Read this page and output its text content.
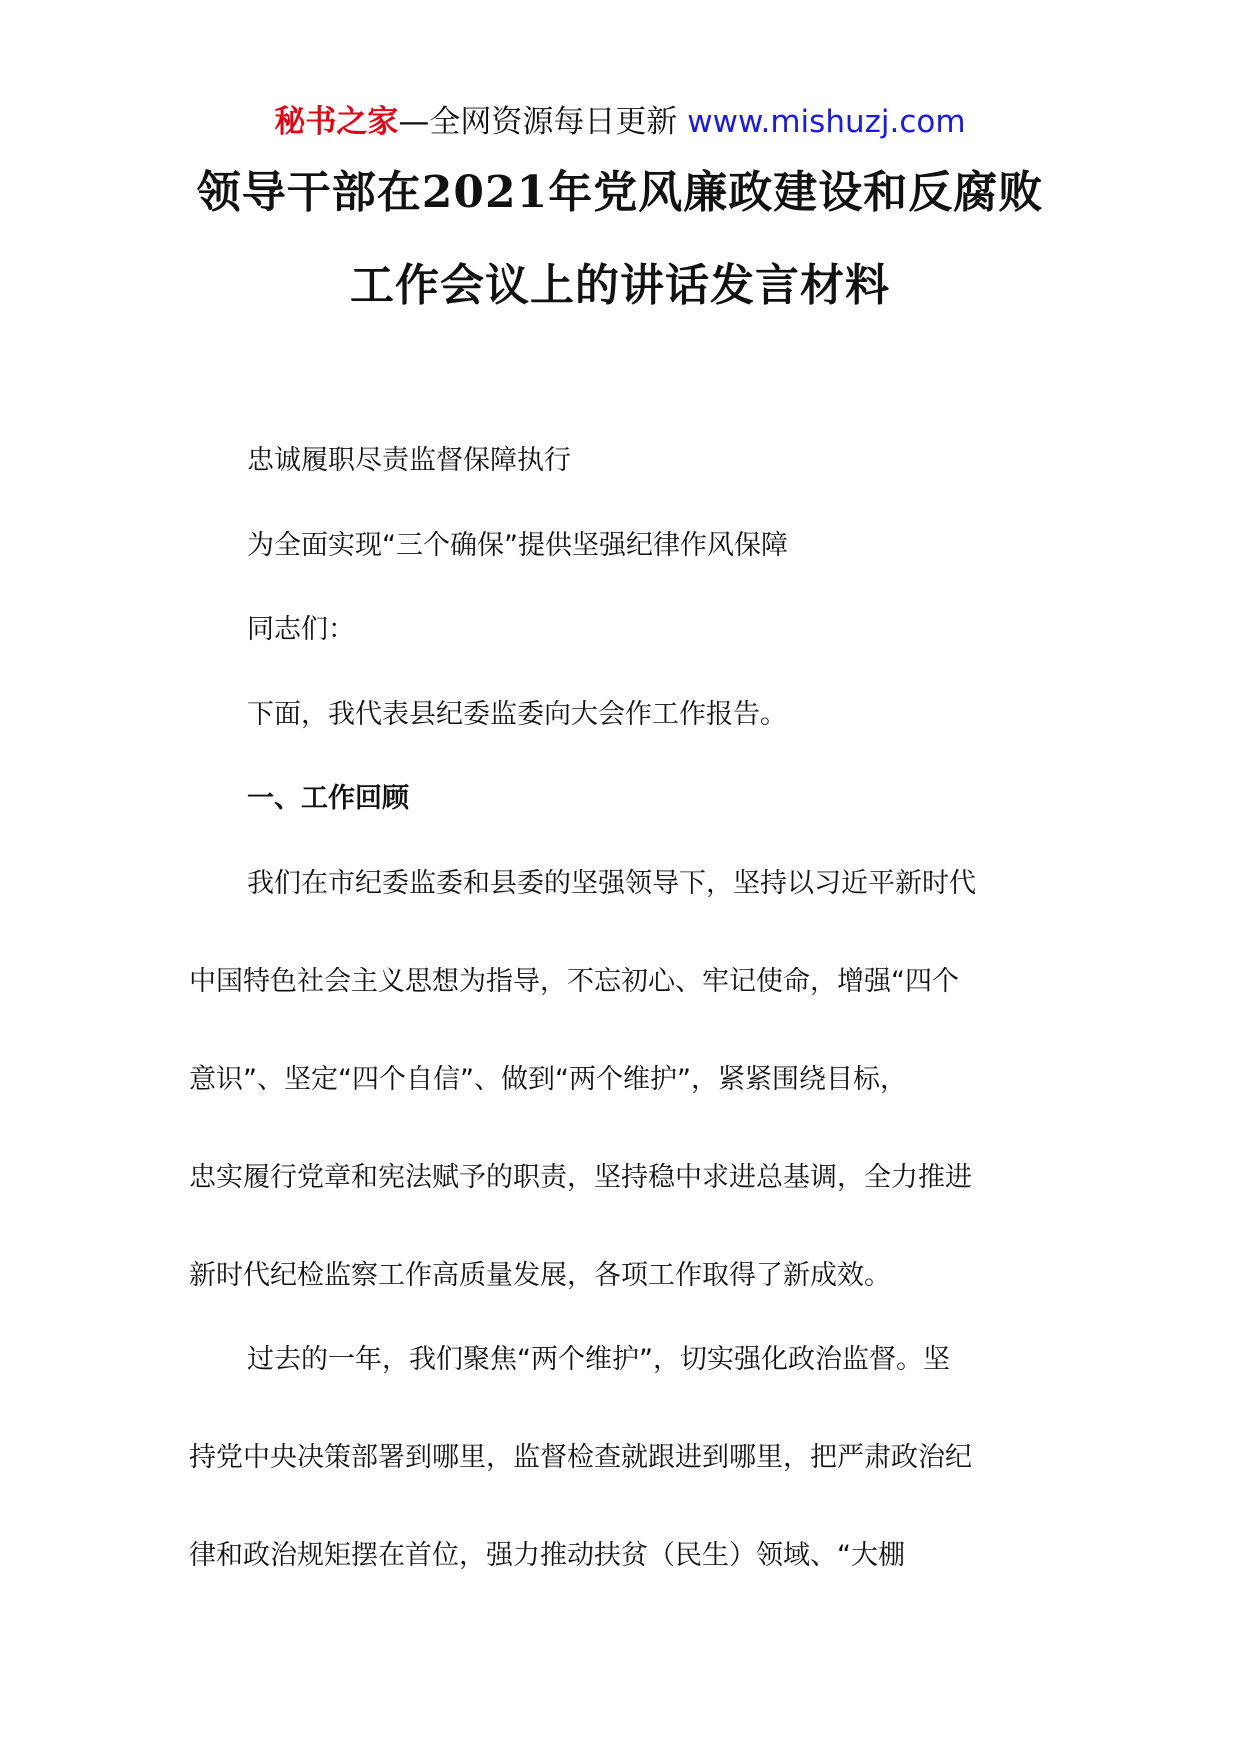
秘书之家—全网资源每日更新 www.mishuzj.com
领导干部在2021年党风廉政建设和反腐败
工作会议上的讲话发言材料
忠诚履职尽责监督保障执行
为全面实现“三个确保”提供坚强纪律作风保障
同志们：
下面，我代表县纪委监委向大会作工作报告。
一、工作回顾
我们在市纪委监委和县委的坚强领导下，坚持以习近平新时代
中国特色社会主义思想为指导，不忘初心、牢记使命，增强“四个
意识”、坚定“四个自信”、做到“两个维护”，紧紧围绕目标，
忠实履行党章和宪法赋予的职责，坚持稳中求进总基调，全力推进
新时代纪检监察工作高质量发展，各项工作取得了新成效。
过去的一年，我们聚焦“两个维护”，切实强化政治监督。坚
持党中央决策部署到哪里，监督检查就跟进到哪里，把严肃政治纪
律和政治规矩摆在首位，强力推动扶贫（民生）领域、“大棚
